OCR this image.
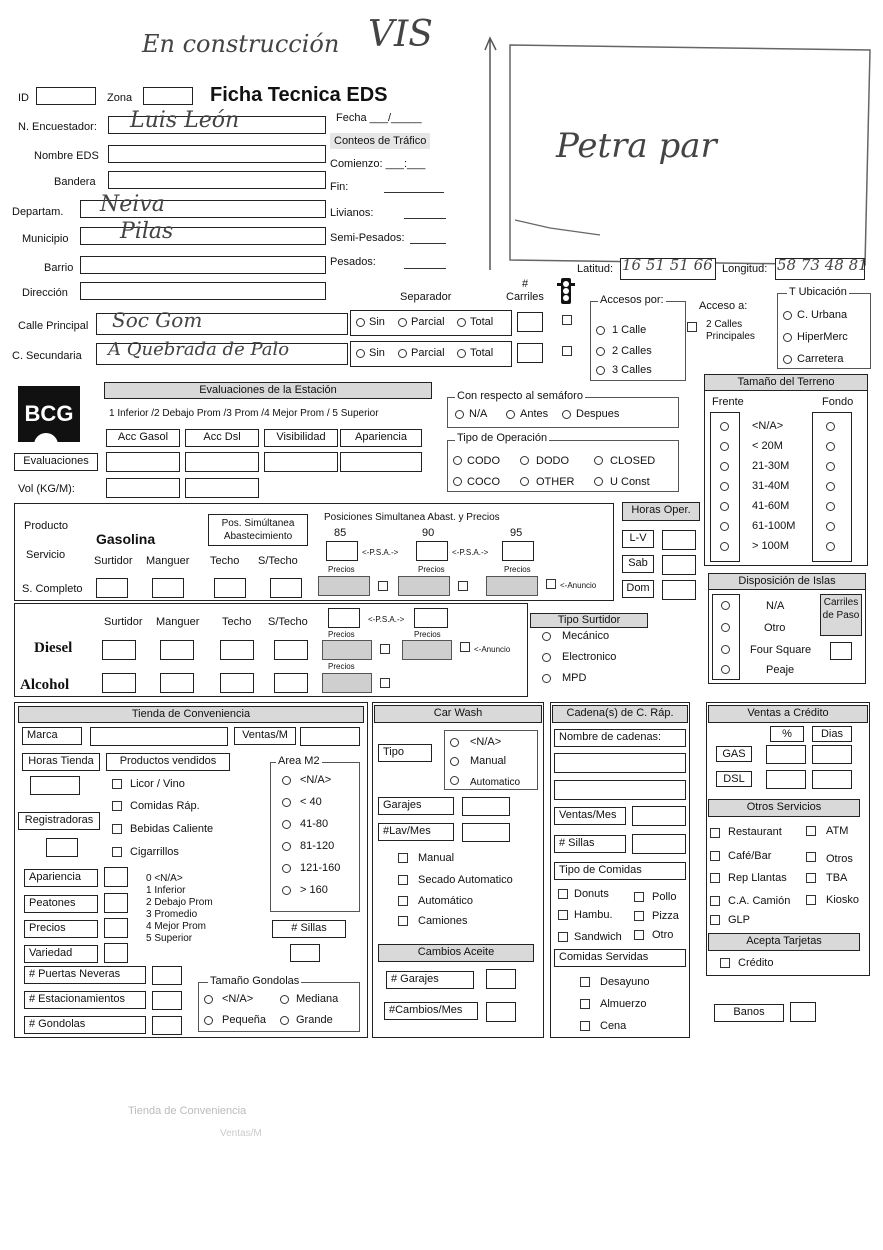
En construcción VIS
Petra par
ID	Zona	Ficha Tecnica EDS
N. Encuestador: Luis León
Nombre EDS
Bandera
Departam. Neiva
Municipio Pilas
Barrio
Dirección
Calle Principal Soc Gom
C. Secundaria A Quebrada de Palo
Fecha ___/_____
Conteos de Tráfico
Comienzo: ___:___
Fin:
Livianos:
Semi-Pesados:
Pesados:
Separador
#
Carriles
Sin Parcial Total
Sin Parcial Total
Latitud: 16 51 51 66 Longitud: 58 73 48 81
Accesos por:
1 Calle
2 Calles
3 Calles
Acceso a:
2 Calles
Principales
T Ubicación
C. Urbana
HiperMerc
Carretera
BCG
Evaluaciones de la Estación
1 Inferior /2 Debajo Prom /3 Prom /4 Mejor Prom / 5 Superior
Acc Gasol	Acc Dsl	Visibilidad	Apariencia
Evaluaciones
Vol (KG/M):
Con respecto al semáforo
N/A	Antes	Despues
Tipo de Operación
CODO	DODO	CLOSED
COCO	OTHER	U Const
Tamaño del Terreno
Frente	Fondo
<N/A>
< 20M
21-30M
31-40M
41-60M
61-100M
> 100M
Producto
Gasolina
Servicio	Surtidor Manguer Techo S/Techo
Pos. Simúltanea Abastecimiento
Posiciones Simultanea Abast. y Precios
85	90	95
<-P.S.A.->	<-P.S.A.->
Precios	Precios	Precios
S. Completo	<-Anuncio
Horas Oper.
L-V
Sab
Dom
Disposición de Islas
N/A
Otro
Four Square
Peaje
Carriles de Paso
Surtidor Manguer Techo S/Techo	<-P.S.A.->
Precios	Precios
Diesel	<-Anuncio
Precios
Alcohol
Tipo Surtidor
Mecánico
Electronico
MPD
Tienda de Conveniencia
Marca	Ventas/M
Horas Tienda	Productos vendidos
Licor / Vino
Comidas Ráp.
Registradoras
Bebidas Caliente
Cigarrillos
Area M2
<N/A>
< 40
41-80
81-120
121-160
> 160
Apariencia
Peatones
Precios
Variedad
0 <N/A>
1 Inferior
2 Debajo Prom
3 Promedio
4 Mejor Prom
5 Superior
# Sillas
# Puertas Neveras
# Estacionamientos
# Gondolas
Tamaño Gondolas
<N/A>	Mediana
Pequeña	Grande
Car Wash
Tipo
<N/A>
Manual
Automatico
Garajes
#Lav/Mes
Manual
Secado Automatico
Automático
Camiones
Cambios Aceite
# Garajes
#Cambios/Mes
Cadena(s) de C. Ráp.
Nombre de cadenas:
Ventas/Mes
# Sillas
Tipo de Comidas
Donuts	Pollo
Hambu.	Pizza
Sandwich	Otro
Comidas Servidas
Desayuno
Almuerzo
Cena
Ventas a Crédito
%	Dias
GAS
DSL
Otros Servicios
Restaurant	ATM
Café/Bar	Otros
Rep Llantas	TBA
C.A. Camión	Kiosko
GLP
Acepta Tarjetas
Crédito
Banos
Tienda de Conveniencia
Ventas/M
